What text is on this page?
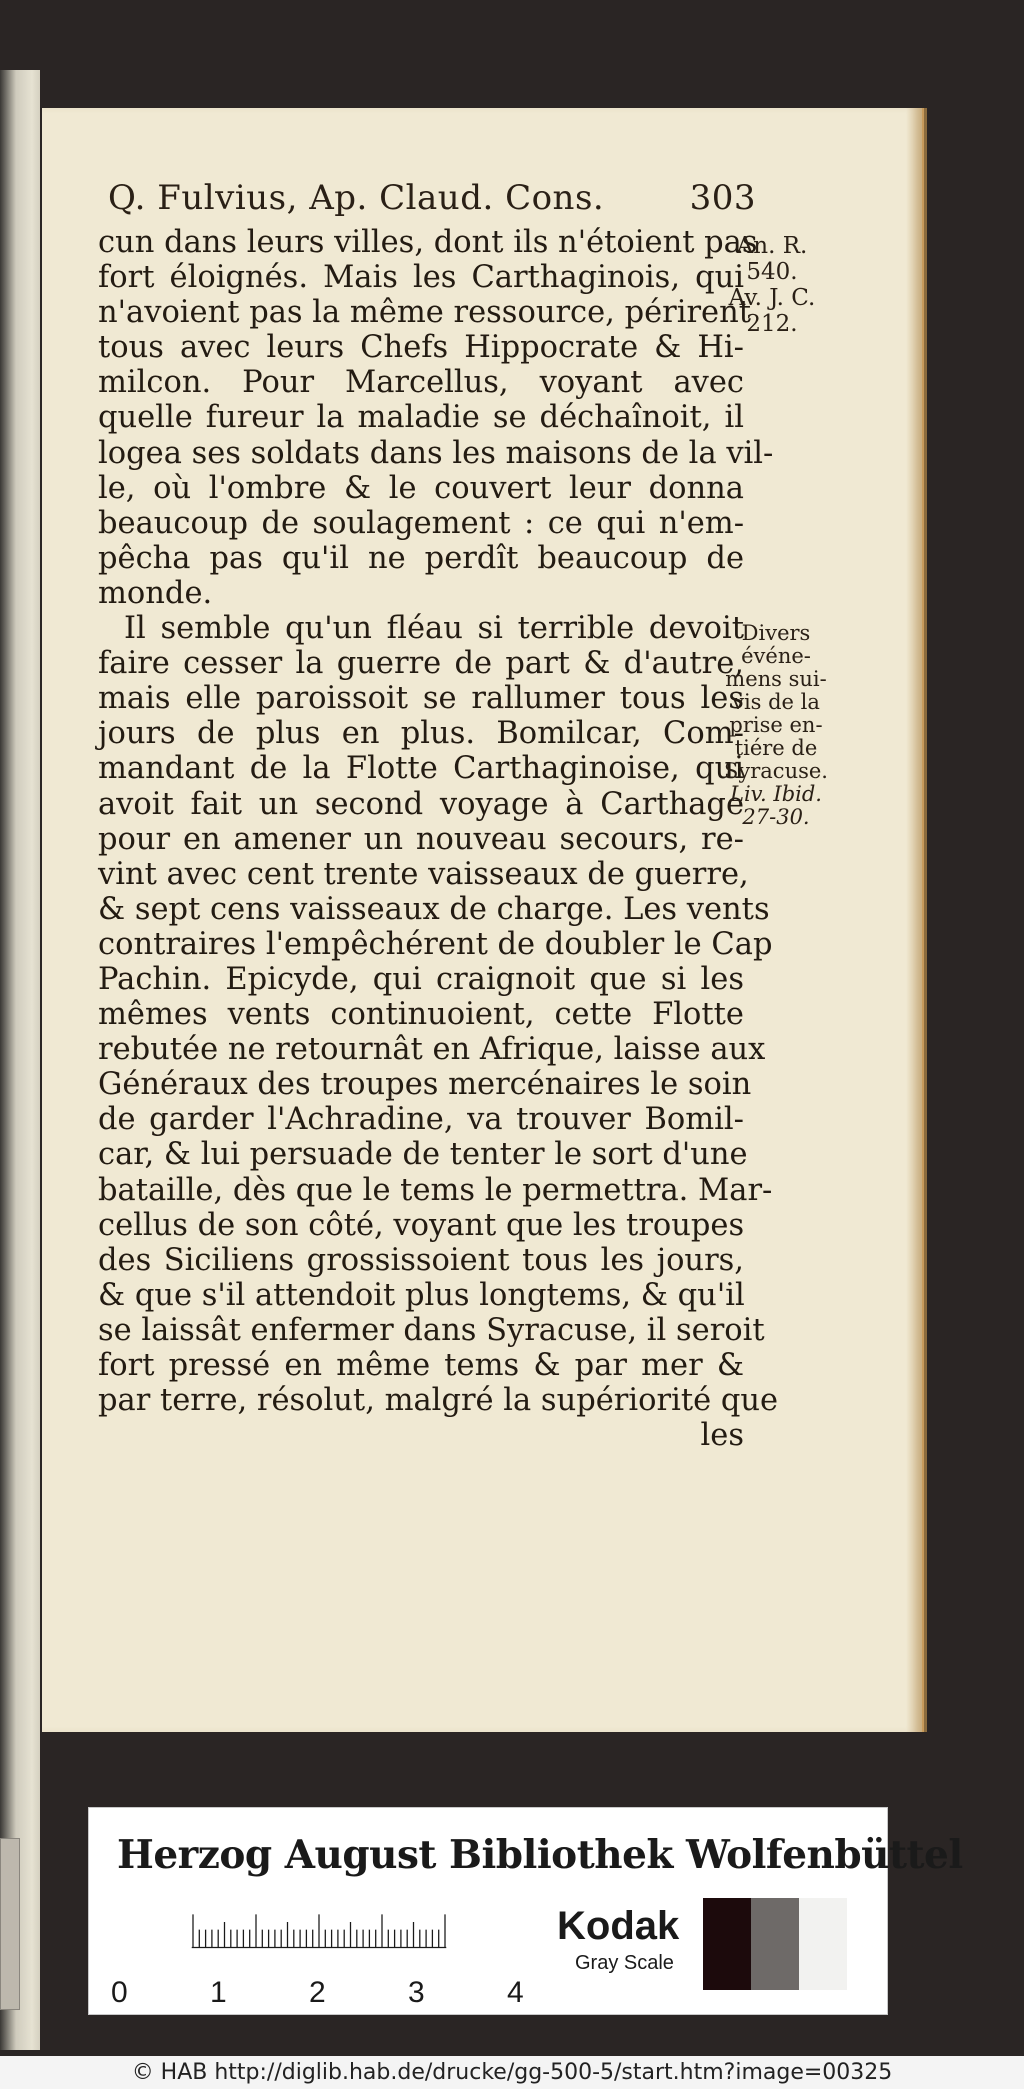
Q. Fulvius, Ap. Claud. Cons.	303
cun dans leurs villes, dont ils n'étoient pas
fort éloignés. Mais les Carthaginois, qui
n'avoient pas la même ressource, périrent
tous avec leurs Chefs Hippocrate & Hi-
milcon. Pour Marcellus, voyant avec
quelle fureur la maladie se déchaînoit, il
logea ses soldats dans les maisons de la vil-
le, où l'ombre & le couvert leur donna
beaucoup de soulagement : ce qui n'em-
pêcha pas qu'il ne perdît beaucoup de
monde.
Il semble qu'un fléau si terrible devoit
faire cesser la guerre de part & d'autre,
mais elle paroissoit se rallumer tous les
jours de plus en plus. Bomilcar, Com-
mandant de la Flotte Carthaginoise, qui
avoit fait un second voyage à Carthage
pour en amener un nouveau secours, re-
vint avec cent trente vaisseaux de guerre,
& sept cens vaisseaux de charge. Les vents
contraires l'empêchérent de doubler le Cap
Pachin. Epicyde, qui craignoit que si les
mêmes vents continuoient, cette Flotte
rebutée ne retournât en Afrique, laisse aux
Généraux des troupes mercénaires le soin
de garder l'Achradine, va trouver Bomil-
car, & lui persuade de tenter le sort d'une
bataille, dès que le tems le permettra. Mar-
cellus de son côté, voyant que les troupes
des Siciliens grossissoient tous les jours,
& que s'il attendoit plus longtems, & qu'il
se laissât enfermer dans Syracuse, il seroit
fort pressé en même tems & par mer &
par terre, résolut, malgré la supériorité que
les
An. R.
540.
Av. J. C.
212.
Divers
événe-
mens sui-
vis de la
prise en-
tiére de
Syracuse.
Liv. Ibid.
27-30.
Herzog August Bibliothek Wolfenbüttel
0	1	2	3	4
Kodak
Gray Scale
© HAB http://diglib.hab.de/drucke/gg-500-5/start.htm?image=00325
